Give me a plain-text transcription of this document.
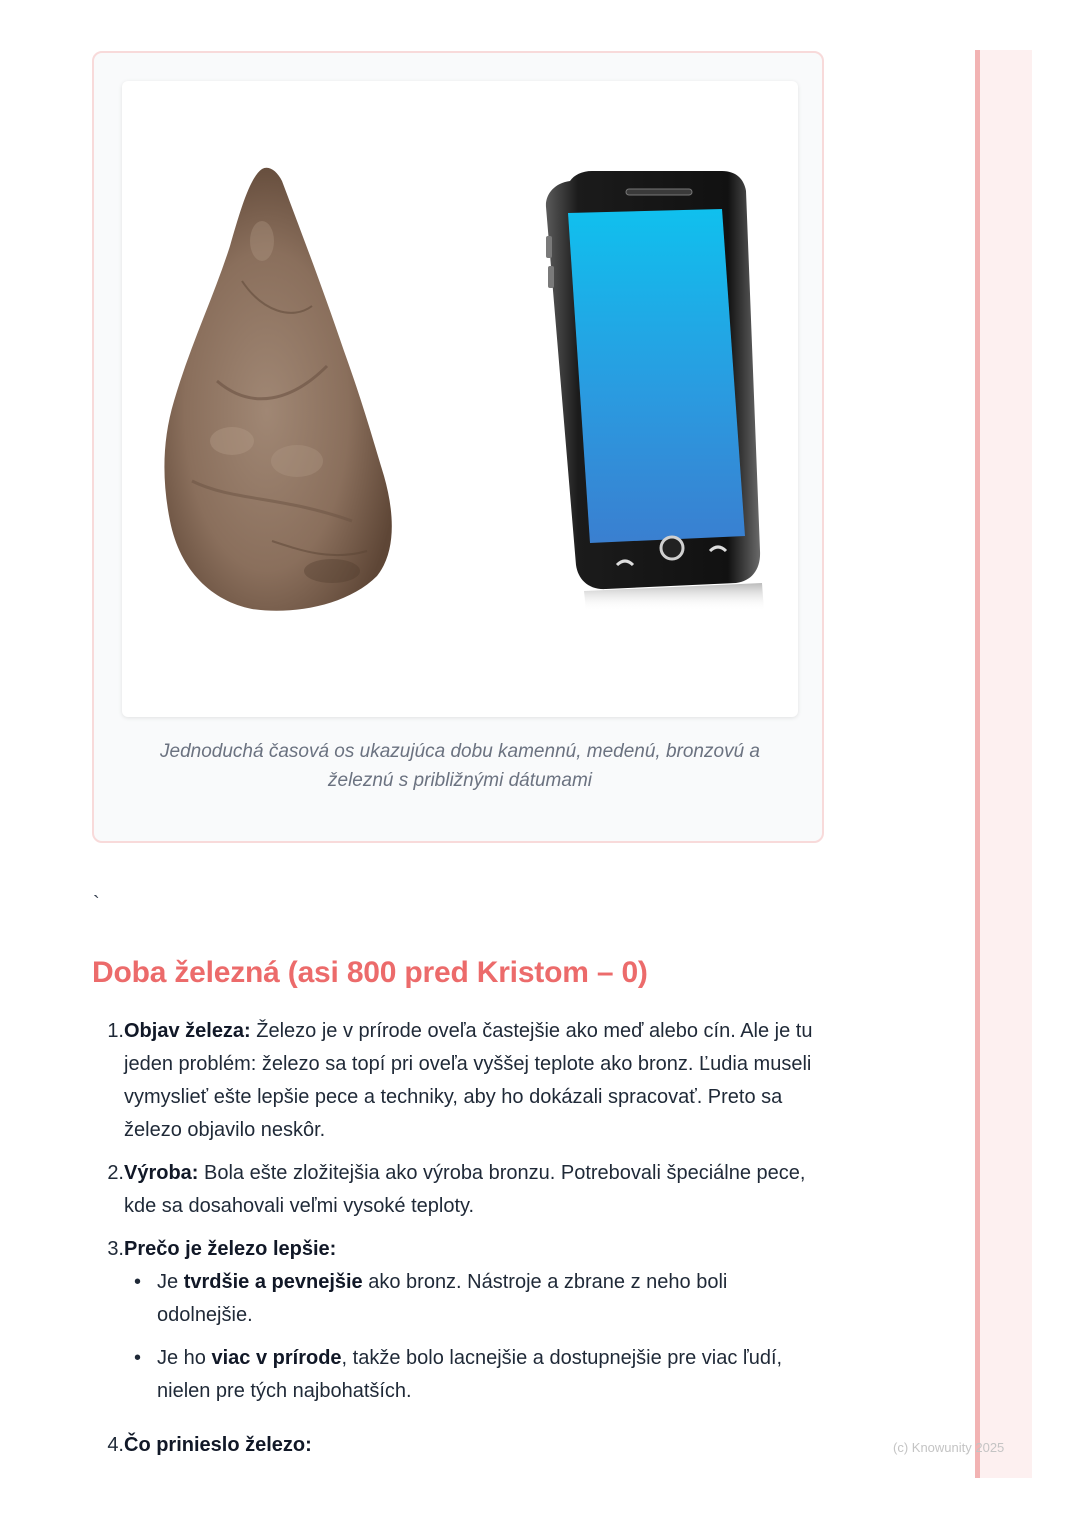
Jednoduchá časová os ukazujúca dobu kamennú, medenú, bronzovú a železnú s približnými dátumami
`
Doba železná (asi 800 pred Kristom – 0)
1. Objav železa: Železo je v prírode oveľa častejšie ako meď alebo cín. Ale je tu jeden problém: železo sa topí pri oveľa vyššej teplote ako bronz. Ľudia museli vymyslieť ešte lepšie pece a techniky, aby ho dokázali spracovať. Preto sa železo objavilo neskôr.
2. Výroba: Bola ešte zložitejšia ako výroba bronzu. Potrebovali špeciálne pece, kde sa dosahovali veľmi vysoké teploty.
3. Prečo je železo lepšie:
• Je tvrdšie a pevnejšie ako bronz. Nástroje a zbrane z neho boli odolnejšie.
• Je ho viac v prírode, takže bolo lacnejšie a dostupnejšie pre viac ľudí, nielen pre tých najbohatších.
4. Čo prinieslo železo:	(c) Knowunity 2025
